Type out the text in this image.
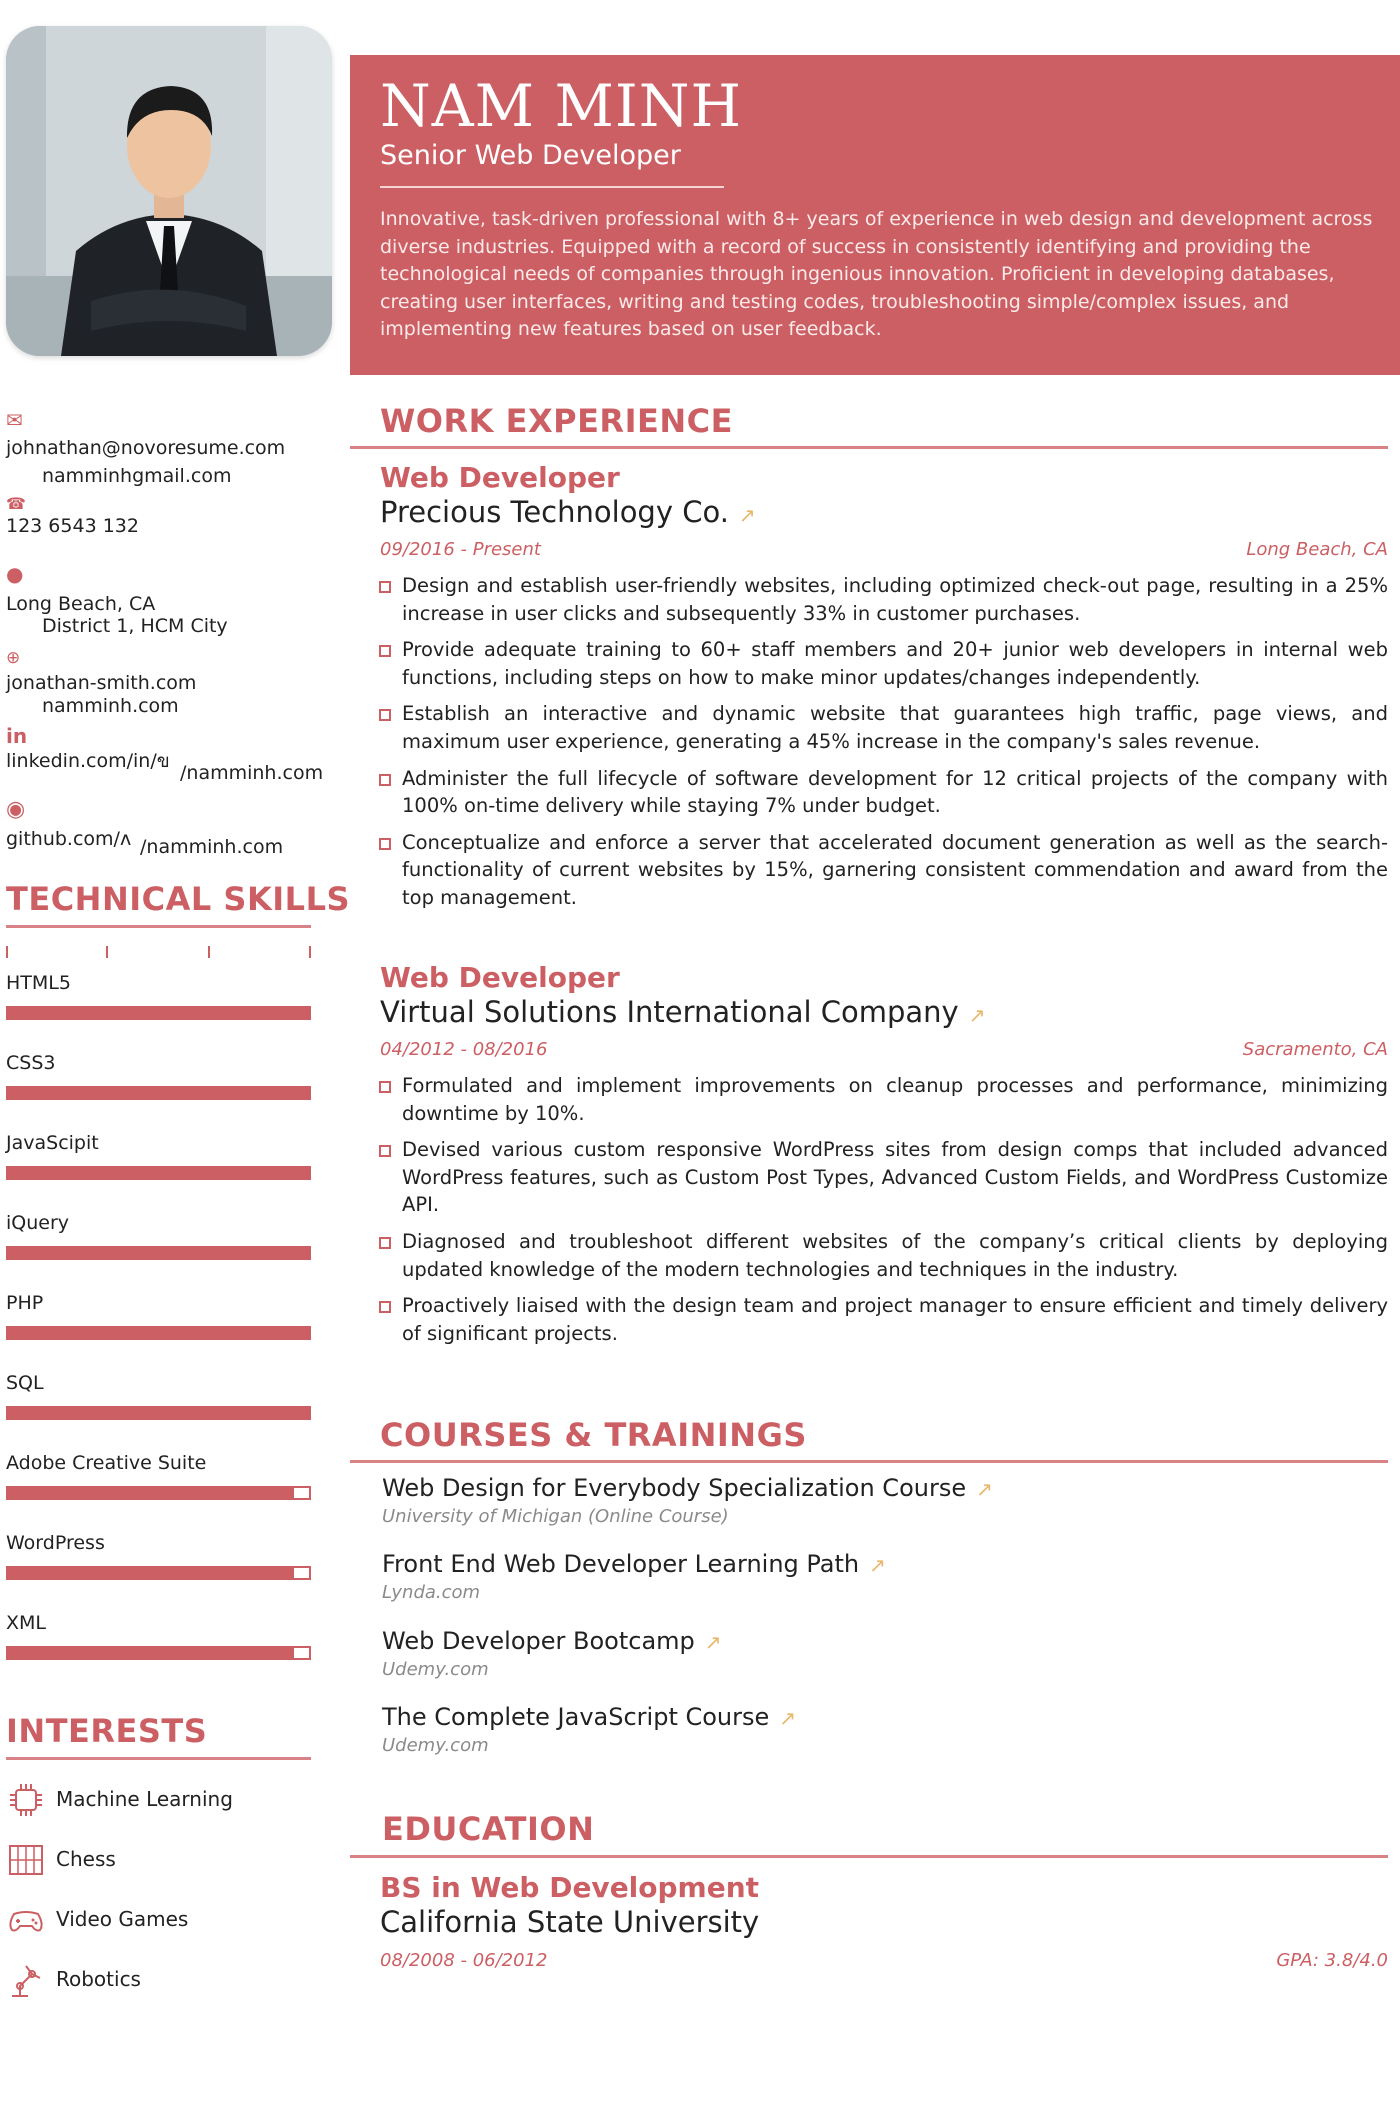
NAM MINH
Senior Web Developer
Innovative, task-driven professional with 8+ years of experience in web design and development across diverse industries. Equipped with a record of success in consistently identifying and providing the technological needs of companies through ingenious innovation. Proficient in developing databases, creating user interfaces, writing and testing codes, troubleshooting simple/complex issues, and implementing new features based on user feedback.
✉
johnathan@novoresume.com
namminhgmail.com
☎
123 6543 132
●
Long Beach, CA
District 1, HCM City
⊕
jonathan-smith.com
namminh.com
in
linkedin.com/in/ข
/namminh.com
◉
github.com/ʌ /namminh.com
TECHNICAL SKILLS
HTML5
CSS3
JavaScipit
iQuery
PHP
SQL
Adobe Creative Suite
WordPress
XML
INTERESTS
Machine Learning
Chess
Video Games
Robotics
WORK EXPERIENCE
Web Developer
Precious Technology Co. ↗
09/2016 - Present	Long Beach, CA
Design and establish user-friendly websites, including optimized check-out page, resulting in a 25% increase in user clicks and subsequently 33% in customer purchases.
Provide adequate training to 60+ staff members and 20+ junior web developers in internal web functions, including steps on how to make minor updates/changes independently.
Establish an interactive and dynamic website that guarantees high traffic, page views, and maximum user experience, generating a 45% increase in the company's sales revenue.
Administer the full lifecycle of software development for 12 critical projects of the company with 100% on-time delivery while staying 7% under budget.
Conceptualize and enforce a server that accelerated document generation as well as the search-functionality of current websites by 15%, garnering consistent commendation and award from the top management.
Web Developer
Virtual Solutions International Company ↗
04/2012 - 08/2016	Sacramento, CA
Formulated and implement improvements on cleanup processes and performance, minimizing downtime by 10%.
Devised various custom responsive WordPress sites from design comps that included advanced WordPress features, such as Custom Post Types, Advanced Custom Fields, and WordPress Customize API.
Diagnosed and troubleshoot different websites of the company’s critical clients by deploying updated knowledge of the modern technologies and techniques in the industry.
Proactively liaised with the design team and project manager to ensure efficient and timely delivery of significant projects.
COURSES & TRAININGS
Web Design for Everybody Specialization Course ↗
University of Michigan (Online Course)
Front End Web Developer Learning Path ↗
Lynda.com
Web Developer Bootcamp ↗
Udemy.com
The Complete JavaScript Course ↗
Udemy.com
EDUCATION
BS in Web Development
California State University
08/2008 - 06/2012	GPA: 3.8/4.0
